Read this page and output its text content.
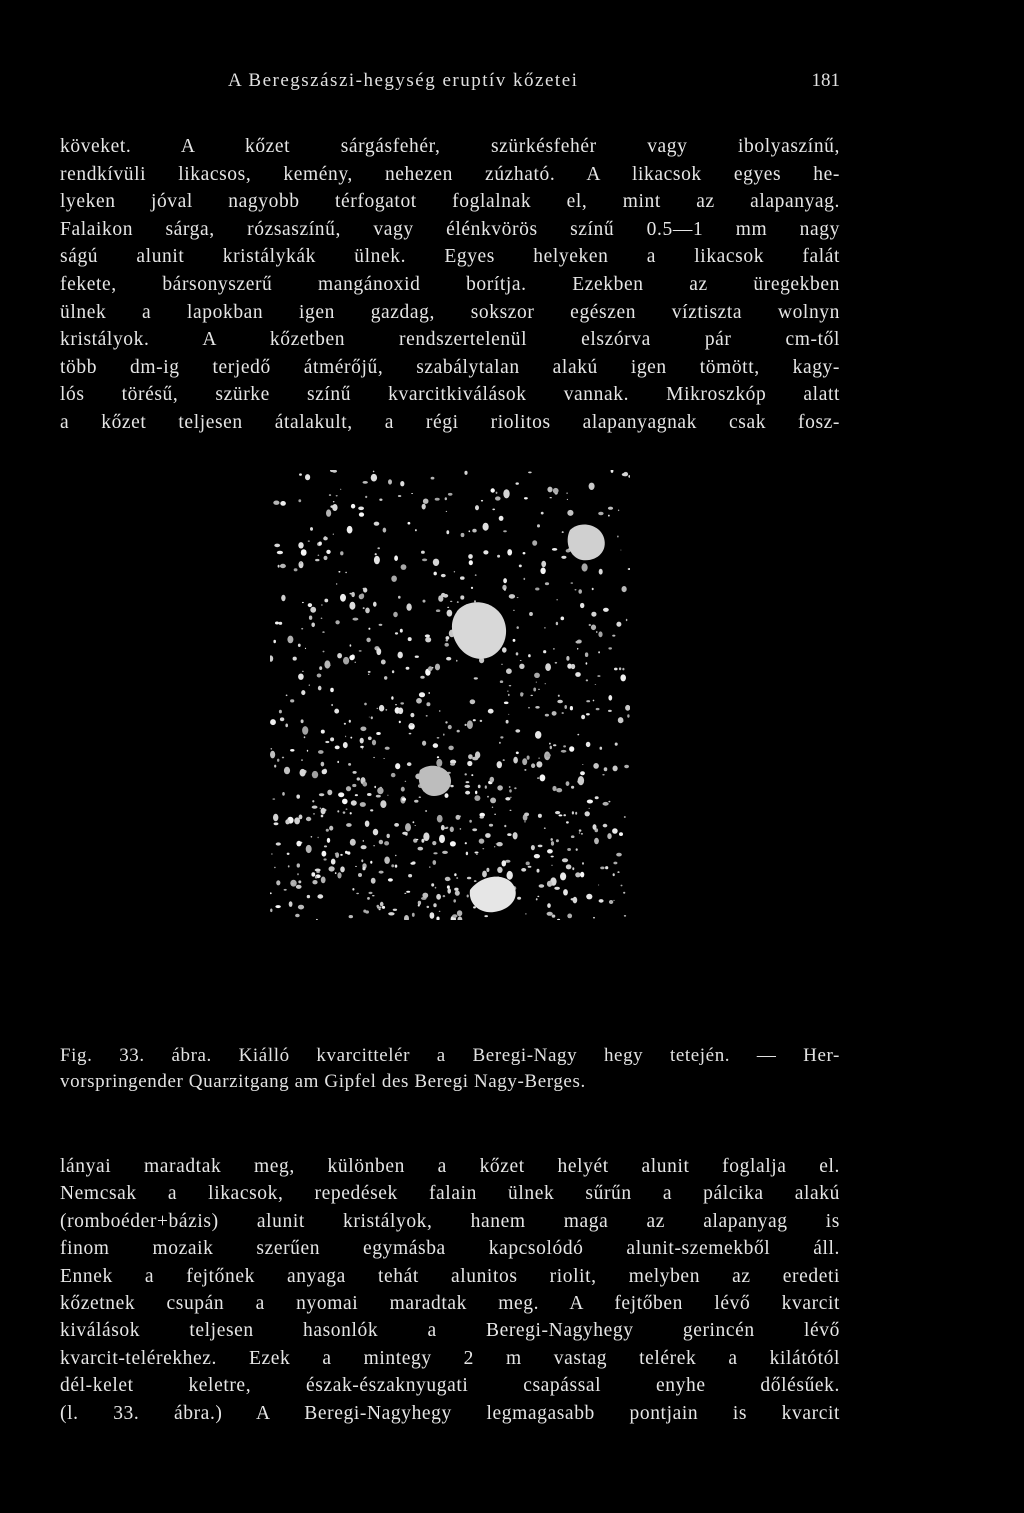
A Beregszászi-hegység eruptív kőzetei	181
köveket. A kőzet sárgásfehér, szürkésfehér vagy ibolyaszínű,
rendkívüli likacsos, kemény, nehezen zúzható. A likacsok egyes he-
lyeken jóval nagyobb térfogatot foglalnak el, mint az alapanyag.
Falaikon sárga, rózsaszínű, vagy élénkvörös színű 0.5—1 mm nagy
ságú alunit kristálykák ülnek. Egyes helyeken a likacsok falát
fekete, bársonyszerű mangánoxid borítja. Ezekben az üregekben
ülnek a lapokban igen gazdag, sokszor egészen víztiszta wolnyn
kristályok. A kőzetben rendszertelenül elszórva pár cm-től
több dm-ig terjedő átmérőjű, szabálytalan alakú igen tömött, kagy-
lós törésű, szürke színű kvarcitkiválások vannak. Mikroszkóp alatt
a kőzet teljesen átalakult, a régi riolitos alapanyagnak csak fosz-
Fig. 33. ábra. Kiálló kvarcittelér a Beregi-Nagy hegy tetején. — Her-
vorspringender Quarzitgang am Gipfel des Beregi Nagy-Berges.
lányai maradtak meg, különben a kőzet helyét alunit foglalja el.
Nemcsak a likacsok, repedések falain ülnek sűrűn a pálcika alakú
(romboéder+bázis) alunit kristályok, hanem maga az alapanyag is
finom mozaik szerűen egymásba kapcsolódó alunit-szemekből áll.
Ennek a fejtőnek anyaga tehát alunitos riolit, melyben az eredeti
kőzetnek csupán a nyomai maradtak meg. A fejtőben lévő kvarcit
kiválások teljesen hasonlók a Beregi-Nagyhegy gerincén lévő
kvarcit-telérekhez. Ezek a mintegy 2 m vastag telérek a kilátótól
dél-kelet keletre, észak-északnyugati csapással enyhe dőlésűek.
(l. 33. ábra.) A Beregi-Nagyhegy legmagasabb pontjain is kvarcit
